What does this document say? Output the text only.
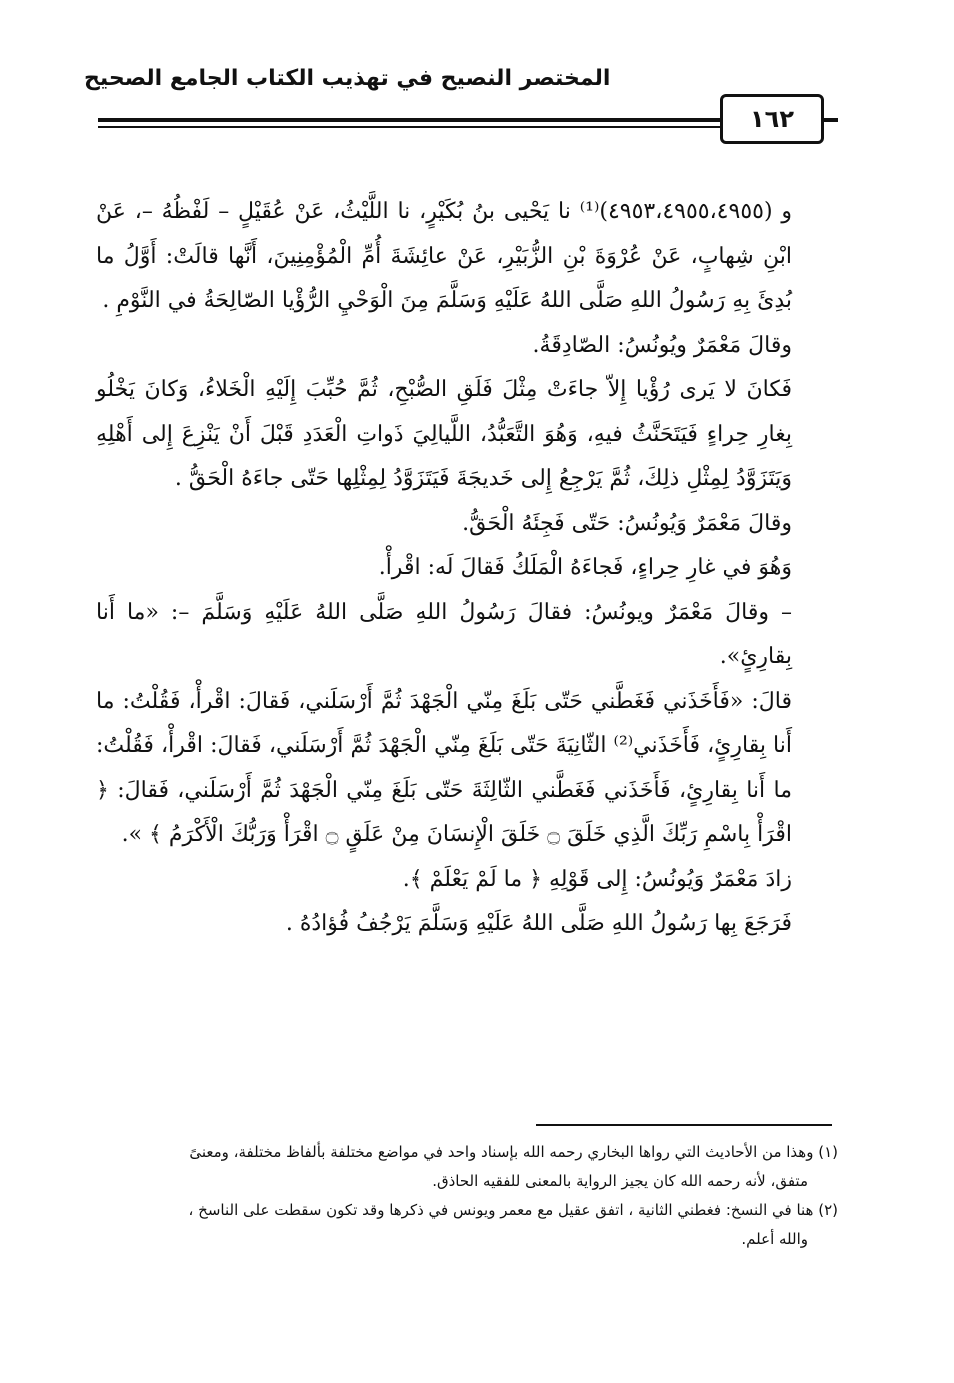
المختصر النصيح في تهذيب الكتاب الجامع الصحيح
١٦٢

و (٤٩٥٣،٤٩٥٥،٤٩٥٥)⁽¹⁾ نا يَحْيى بنُ بُكَيْرٍ، نا اللَّيْثُ، عَنْ عُقَيْلٍ – لَفْظُهُ –، عَنْ ابْنِ شِهابٍ، عَنْ عُرْوَةَ بْنِ الزُّبَيْرِ، عَنْ عائِشَةَ أُمِّ الْمُؤْمِنِينَ، أَنَّها قالَتْ: أَوَّلُ ما بُدِئَ بِهِ رَسُولُ اللهِ صَلَّى اللهُ عَلَيْهِ وَسَلَّمَ مِنَ الْوَحْيِ الرُّؤْيا الصّالِحَةُ في النَّوْمِ .

وقالَ مَعْمَرٌ ويُونُسُ: الصّادِقَةُ.

فَكانَ لا يَرى رُؤْيا إِلاّ جاءَتْ مِثْلَ فَلَقِ الصُّبْحِ، ثُمَّ حُبِّبَ إِلَيْهِ الْخَلاءُ، وَكانَ يَخْلُو بِغارِ حِراءٍ فَيَتَحَنَّثُ فيهِ، وَهُوَ التَّعَبُّدُ، اللَّيالِيَ ذَواتِ الْعَدَدِ قَبْلَ أَنْ يَنْزِعَ إِلى أَهْلِهِ وَيَتَزَوَّدُ لِمِثْلِ ذلِكَ، ثُمَّ يَرْجِعُ إِلى خَديجَةَ فَيَتَزَوَّدُ لِمِثْلِها حَتّى جاءَهُ الْحَقُّ .

وقالَ مَعْمَرٌ وَيُونُسُ: حَتّى فَجِئَهُ الْحَقُّ.

وَهُوَ في غارِ حِراءٍ، فَجاءَهُ الْمَلَكُ فَقالَ لَه: اقْرأْ.

– وقالَ مَعْمَرٌ ويونُسُ: فقالَ رَسُولُ اللهِ صَلَّى اللهُ عَلَيْهِ وَسَلَّمَ –: «ما أَنا بِقارِئٍ».

قالَ: «فَأَخَذَني فَغَطَّني حَتّى بَلَغَ مِنّي الْجَهْدَ ثُمَّ أَرْسَلَني، فَقالَ: اقْرأْ، فَقُلْتُ: ما أَنا بِقارِئٍ، فَأَخَذَني⁽²⁾ الثّانِيَةَ حَتّى بَلَغَ مِنّي الْجَهْدَ ثُمَّ أَرْسَلَني، فَقالَ: اقْرأْ، فَقُلْتُ: ما أَنا بِقارِئٍ، فَأَخَذَني فَغَطَّني الثّالِثَةَ حَتّى بَلَغَ مِنّي الْجَهْدَ ثُمَّ أَرْسَلَني، فَقالَ: ﴿ اقْرَأْ بِاسْمِ رَبِّكَ الَّذِي خَلَقَ ۝ خَلَقَ الْإِنسَانَ مِنْ عَلَقٍ ۝ اقْرَأْ وَرَبُّكَ الْأَكْرَمُ ﴾ ».

زادَ مَعْمَرٌ وَيُونُسُ: إِلى قَوْلِهِ ﴿ ما لَمْ يَعْلَمْ ﴾.

فَرَجَعَ بِها رَسُولُ اللهِ صَلَّى اللهُ عَلَيْهِ وَسَلَّمَ يَرْجُفُ فُؤادُهُ .

(١) وهذا من الأحاديث التي رواها البخاري رحمه الله بإسناد واحد في مواضع مختلفة بألفاظ مختلفة، ومعنىً

متفق، لأنه رحمه الله كان يجيز الرواية بالمعنى للفقيه الحاذق.

(٢) هنا في النسخ: فغطني الثانية ، اتفق عقيل مع معمر ويونس في ذكرها وقد تكون سقطت على الناسخ ،

والله أعلم.
